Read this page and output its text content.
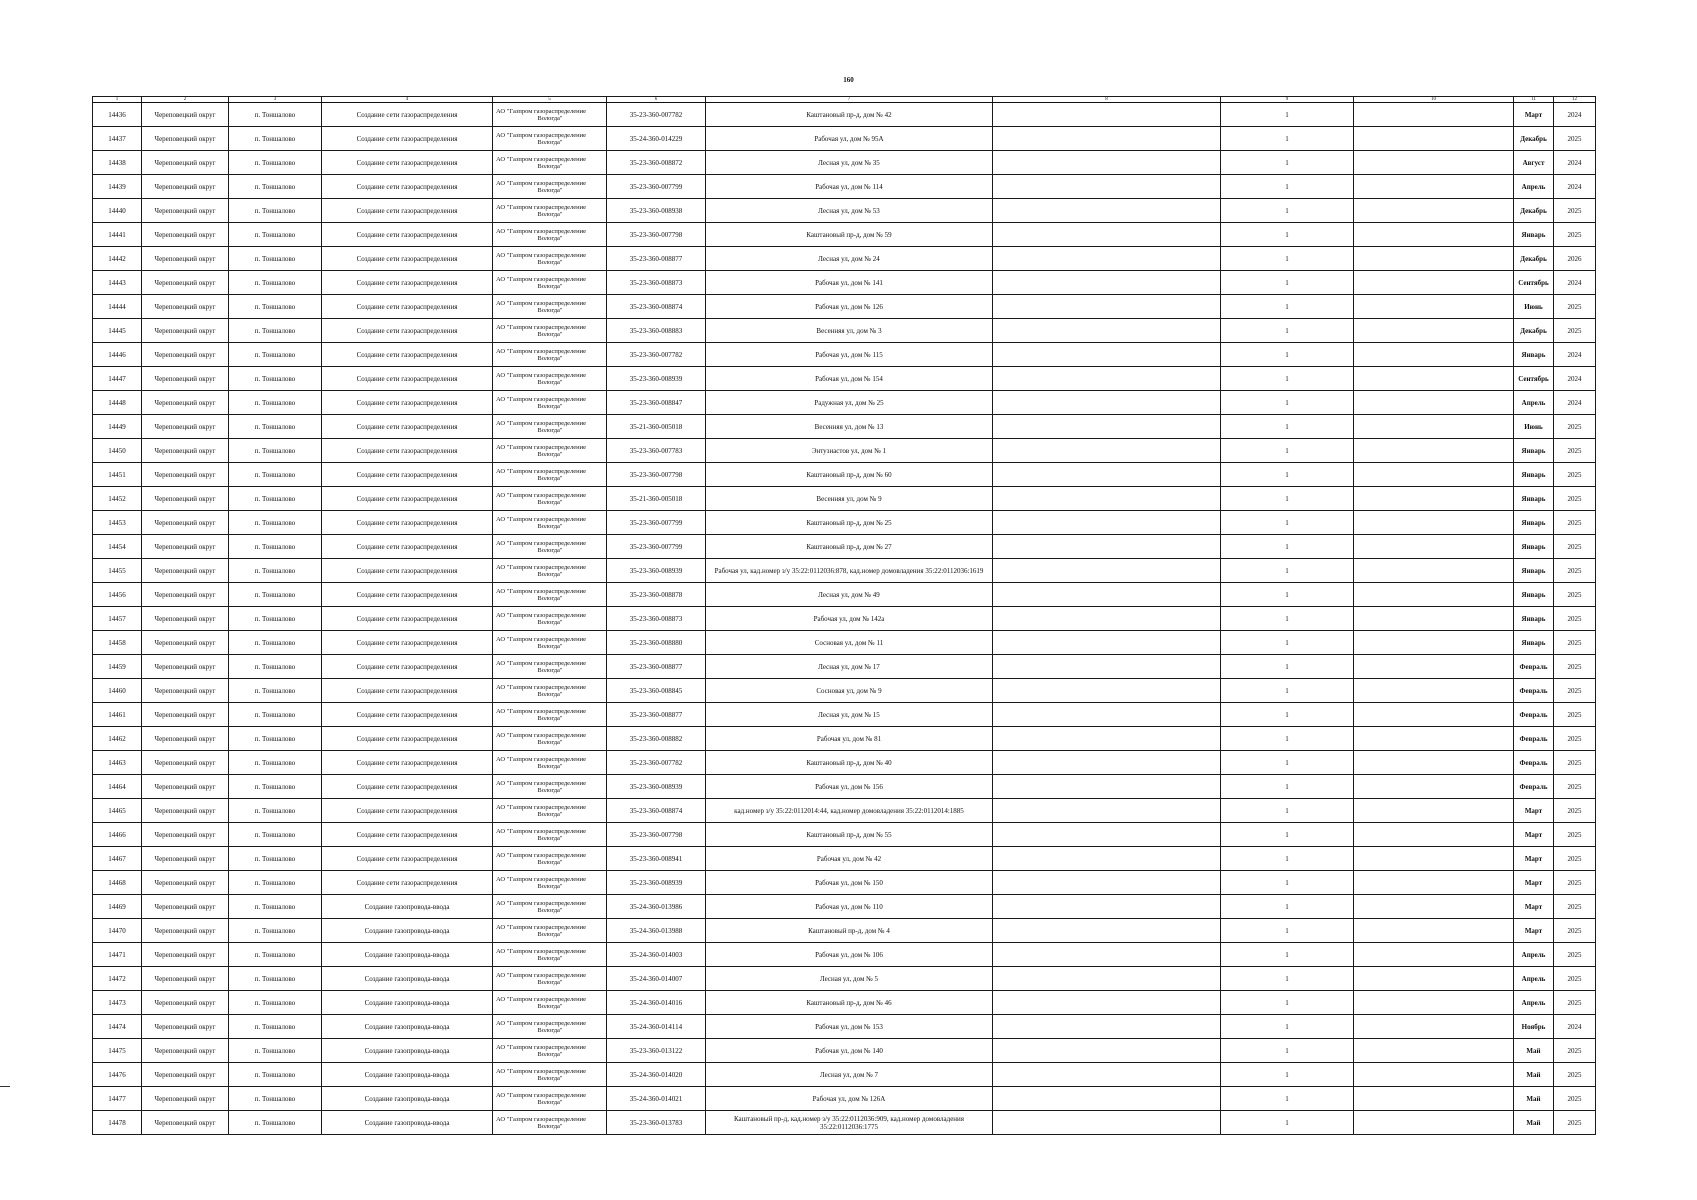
160
1	2	3	4	5	6	7	8	9	10	11	12
14436	Череповецкий округ	п. Тоншалово	Создание сети газораспределения	АО "Газпром газораспределение
Вологда"	35-23-360-007782	Каштановый пр-д, дом № 42		1		Март	2024
14437	Череповецкий округ	п. Тоншалово	Создание сети газораспределения	АО "Газпром газораспределение
Вологда"	35-24-360-014229	Рабочая ул, дом № 95А		1		Декабрь	2025
14438	Череповецкий округ	п. Тоншалово	Создание сети газораспределения	АО "Газпром газораспределение
Вологда"	35-23-360-008872	Лесная ул, дом № 35		1		Август	2024
14439	Череповецкий округ	п. Тоншалово	Создание сети газораспределения	АО "Газпром газораспределение
Вологда"	35-23-360-007799	Рабочая ул, дом № 114		1		Апрель	2024
14440	Череповецкий округ	п. Тоншалово	Создание сети газораспределения	АО "Газпром газораспределение
Вологда"	35-23-360-008938	Лесная ул, дом № 53		1		Декабрь	2025
14441	Череповецкий округ	п. Тоншалово	Создание сети газораспределения	АО "Газпром газораспределение
Вологда"	35-23-360-007798	Каштановый пр-д, дом № 59		1		Январь	2025
14442	Череповецкий округ	п. Тоншалово	Создание сети газораспределения	АО "Газпром газораспределение
Вологда"	35-23-360-008877	Лесная ул, дом № 24		1		Декабрь	2026
14443	Череповецкий округ	п. Тоншалово	Создание сети газораспределения	АО "Газпром газораспределение
Вологда"	35-23-360-008873	Рабочая ул, дом № 141		1		Сентябрь	2024
14444	Череповецкий округ	п. Тоншалово	Создание сети газораспределения	АО "Газпром газораспределение
Вологда"	35-23-360-008874	Рабочая ул, дом № 126		1		Июнь	2025
14445	Череповецкий округ	п. Тоншалово	Создание сети газораспределения	АО "Газпром газораспределение
Вологда"	35-23-360-008883	Весенняя ул, дом № 3		1		Декабрь	2025
14446	Череповецкий округ	п. Тоншалово	Создание сети газораспределения	АО "Газпром газораспределение
Вологда"	35-23-360-007782	Рабочая ул, дом № 115		1		Январь	2024
14447	Череповецкий округ	п. Тоншалово	Создание сети газораспределения	АО "Газпром газораспределение
Вологда"	35-23-360-008939	Рабочая ул, дом № 154		1		Сентябрь	2024
14448	Череповецкий округ	п. Тоншалово	Создание сети газораспределения	АО "Газпром газораспределение
Вологда"	35-23-360-008847	Радужная ул, дом № 25		1		Апрель	2024
14449	Череповецкий округ	п. Тоншалово	Создание сети газораспределения	АО "Газпром газораспределение
Вологда"	35-21-360-005018	Весенняя ул, дом № 13		1		Июнь	2025
14450	Череповецкий округ	п. Тоншалово	Создание сети газораспределения	АО "Газпром газораспределение
Вологда"	35-23-360-007783	Энтузиастов ул, дом № 1		1		Январь	2025
14451	Череповецкий округ	п. Тоншалово	Создание сети газораспределения	АО "Газпром газораспределение
Вологда"	35-23-360-007798	Каштановый пр-д, дом № 60		1		Январь	2025
14452	Череповецкий округ	п. Тоншалово	Создание сети газораспределения	АО "Газпром газораспределение
Вологда"	35-21-360-005018	Весенняя ул, дом № 9		1		Январь	2025
14453	Череповецкий округ	п. Тоншалово	Создание сети газораспределения	АО "Газпром газораспределение
Вологда"	35-23-360-007799	Каштановый пр-д, дом № 25		1		Январь	2025
14454	Череповецкий округ	п. Тоншалово	Создание сети газораспределения	АО "Газпром газораспределение
Вологда"	35-23-360-007799	Каштановый пр-д, дом № 27		1		Январь	2025
14455	Череповецкий округ	п. Тоншалово	Создание сети газораспределения	АО "Газпром газораспределение
Вологда"	35-23-360-008939	Рабочая ул, кад.номер з/у 35:22:0112036:878, кад.номер домовладения 35:22:0112036:1619		1		Январь	2025
14456	Череповецкий округ	п. Тоншалово	Создание сети газораспределения	АО "Газпром газораспределение
Вологда"	35-23-360-008878	Лесная ул, дом № 49		1		Январь	2025
14457	Череповецкий округ	п. Тоншалово	Создание сети газораспределения	АО "Газпром газораспределение
Вологда"	35-23-360-008873	Рабочая ул, дом № 142а		1		Январь	2025
14458	Череповецкий округ	п. Тоншалово	Создание сети газораспределения	АО "Газпром газораспределение
Вологда"	35-23-360-008880	Сосновая ул, дом № 11		1		Январь	2025
14459	Череповецкий округ	п. Тоншалово	Создание сети газораспределения	АО "Газпром газораспределение
Вологда"	35-23-360-008877	Лесная ул, дом № 17		1		Февраль	2025
14460	Череповецкий округ	п. Тоншалово	Создание сети газораспределения	АО "Газпром газораспределение
Вологда"	35-23-360-008845	Сосновая ул, дом № 9		1		Февраль	2025
14461	Череповецкий округ	п. Тоншалово	Создание сети газораспределения	АО "Газпром газораспределение
Вологда"	35-23-360-008877	Лесная ул, дом № 15		1		Февраль	2025
14462	Череповецкий округ	п. Тоншалово	Создание сети газораспределения	АО "Газпром газораспределение
Вологда"	35-23-360-008882	Рабочая ул, дом № 81		1		Февраль	2025
14463	Череповецкий округ	п. Тоншалово	Создание сети газораспределения	АО "Газпром газораспределение
Вологда"	35-23-360-007782	Каштановый пр-д, дом № 40		1		Февраль	2025
14464	Череповецкий округ	п. Тоншалово	Создание сети газораспределения	АО "Газпром газораспределение
Вологда"	35-23-360-008939	Рабочая ул, дом № 156		1		Февраль	2025
14465	Череповецкий округ	п. Тоншалово	Создание сети газораспределения	АО "Газпром газораспределение
Вологда"	35-23-360-008874	кад.номер з/у 35:22:0112014:44, кад.номер домовладения 35:22:0112014:1885		1		Март	2025
14466	Череповецкий округ	п. Тоншалово	Создание сети газораспределения	АО "Газпром газораспределение
Вологда"	35-23-360-007798	Каштановый пр-д, дом № 55		1		Март	2025
14467	Череповецкий округ	п. Тоншалово	Создание сети газораспределения	АО "Газпром газораспределение
Вологда"	35-23-360-008941	Рабочая ул, дом № 42		1		Март	2025
14468	Череповецкий округ	п. Тоншалово	Создание сети газораспределения	АО "Газпром газораспределение
Вологда"	35-23-360-008939	Рабочая ул, дом № 150		1		Март	2025
14469	Череповецкий округ	п. Тоншалово	Создание газопровода-ввода	АО "Газпром газораспределение
Вологда"	35-24-360-013986	Рабочая ул, дом № 110		1		Март	2025
14470	Череповецкий округ	п. Тоншалово	Создание газопровода-ввода	АО "Газпром газораспределение
Вологда"	35-24-360-013988	Каштановый пр-д, дом № 4		1		Март	2025
14471	Череповецкий округ	п. Тоншалово	Создание газопровода-ввода	АО "Газпром газораспределение
Вологда"	35-24-360-014003	Рабочая ул, дом № 106		1		Апрель	2025
14472	Череповецкий округ	п. Тоншалово	Создание газопровода-ввода	АО "Газпром газораспределение
Вологда"	35-24-360-014007	Лесная ул, дом № 5		1		Апрель	2025
14473	Череповецкий округ	п. Тоншалово	Создание газопровода-ввода	АО "Газпром газораспределение
Вологда"	35-24-360-014016	Каштановый пр-д, дом № 46		1		Апрель	2025
14474	Череповецкий округ	п. Тоншалово	Создание газопровода-ввода	АО "Газпром газораспределение
Вологда"	35-24-360-014114	Рабочая ул, дом № 153		1		Ноябрь	2024
14475	Череповецкий округ	п. Тоншалово	Создание газопровода-ввода	АО "Газпром газораспределение
Вологда"	35-23-360-013122	Рабочая ул, дом № 140		1		Май	2025
14476	Череповецкий округ	п. Тоншалово	Создание газопровода-ввода	АО "Газпром газораспределение
Вологда"	35-24-360-014020	Лесная ул, дом № 7		1		Май	2025
14477	Череповецкий округ	п. Тоншалово	Создание газопровода-ввода	АО "Газпром газораспределение
Вологда"	35-24-360-014021	Рабочая ул, дом № 126А		1		Май	2025
14478	Череповецкий округ	п. Тоншалово	Создание газопровода-ввода	АО "Газпром газораспределение
Вологда"	35-23-360-013783	Каштановый пр-д, кад.номер з/у 35:22:0112036:909, кад.номер домовладения 35:22:0112036:1775		1		Май	2025
